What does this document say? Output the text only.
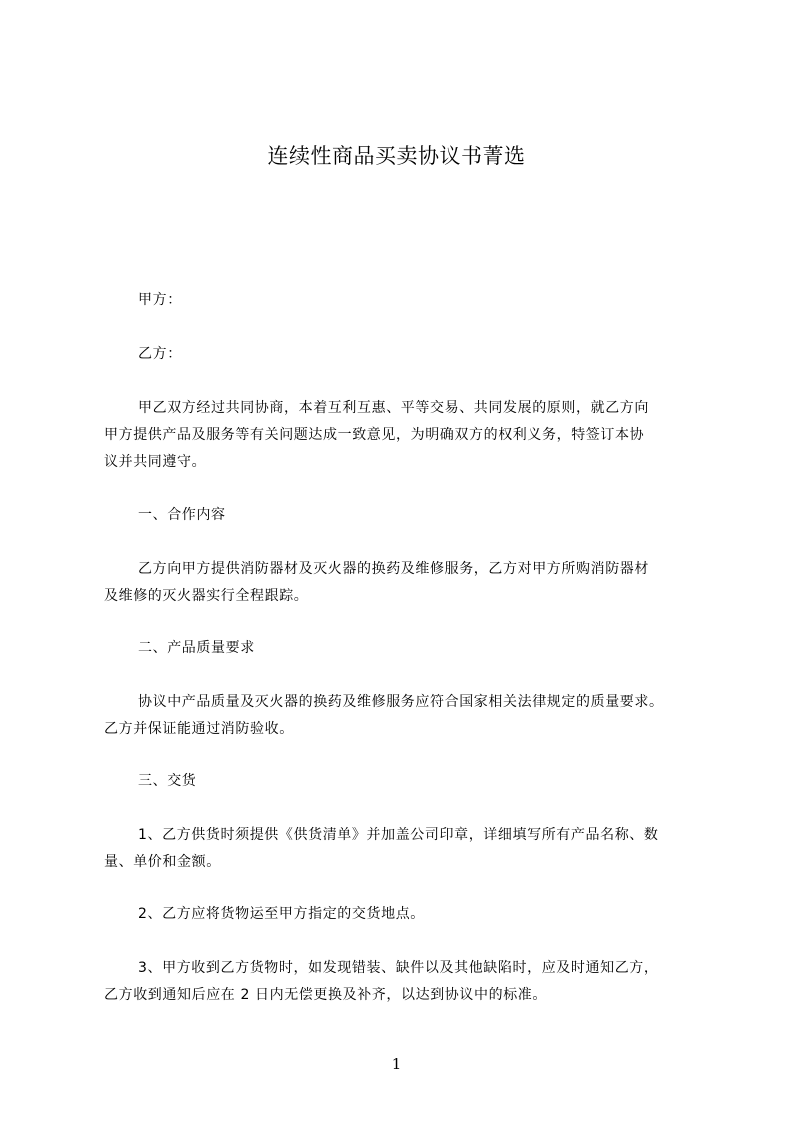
连续性商品买卖协议书菁选

甲方：

乙方：

甲乙双方经过共同协商，本着互利互惠、平等交易、共同发展的原则，就乙方向
甲方提供产品及服务等有关问题达成一致意见，为明确双方的权利义务，特签订本协
议并共同遵守。

一、合作内容

乙方向甲方提供消防器材及灭火器的换药及维修服务，乙方对甲方所购消防器材
及维修的灭火器实行全程跟踪。

二、产品质量要求

协议中产品质量及灭火器的换药及维修服务应符合国家相关法律规定的质量要求。
乙方并保证能通过消防验收。

三、交货

1、乙方供货时须提供《供货清单》并加盖公司印章，详细填写所有产品名称、数
量、单价和金额。

2、乙方应将货物运至甲方指定的交货地点。

3、甲方收到乙方货物时，如发现错装、缺件以及其他缺陷时，应及时通知乙方，
乙方收到通知后应在 2 日内无偿更换及补齐，以达到协议中的标准。

1
